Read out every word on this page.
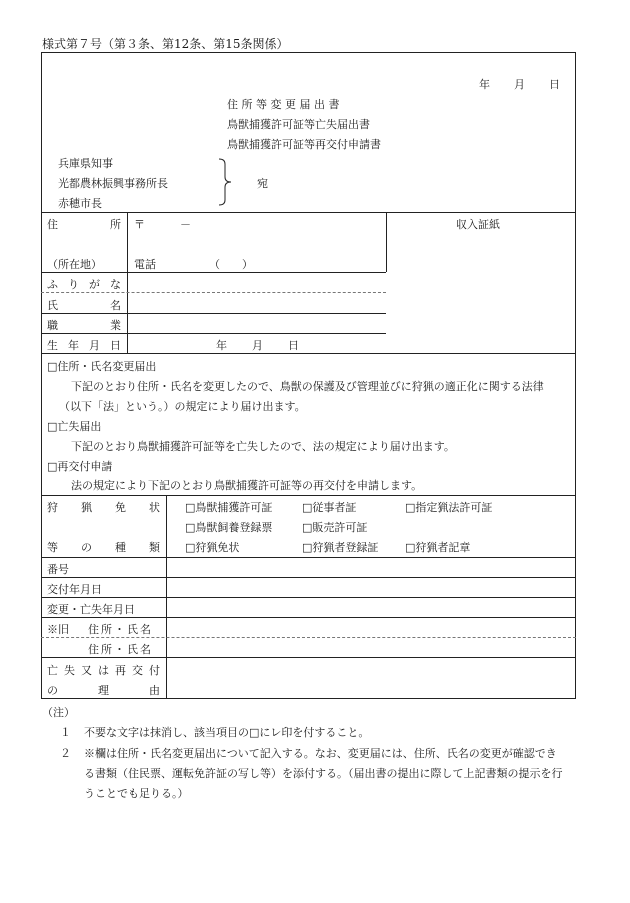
様式第７号（第３条、第12条、第15条関係）
年 月 日
住 所 等 変 更 届 出 書
鳥獣捕獲許可証等亡失届出書
鳥獣捕獲許可証等再交付申請書
兵庫県知事
光都農林振興事務所長
赤穂市長
宛
住	所
（所在地）
〒	－
電話	（　　）
収入証紙
ふ り が な
氏	名
職	業
生 年 月 日	年 月 日
□住所・氏名変更届出
下記のとおり住所・氏名を変更したので、鳥獣の保護及び管理並びに狩猟の適正化に関する法律
（以下「法」という。）の規定により届け出ます。
□亡失届出
下記のとおり鳥獣捕獲許可証等を亡失したので、法の規定により届け出ます。
□再交付申請
法の規定により下記のとおり鳥獣捕獲許可証等の再交付を申請します。
狩 猟 免 状
等 の 種 類
□鳥獣捕獲許可証	□従事者証	□指定猟法許可証
□鳥獣飼養登録票	□販売許可証
□狩猟免状	□狩猟者登録証 □狩猟者記章
番号
交付年月日
変更・亡失年月日
※旧 住所・氏名
住所・氏名
亡 失 又 は 再 交 付
の	理	由
（注）
１ 不要な文字は抹消し、該当項目の□にレ印を付すること。
２ ※欄は住所・氏名変更届出について記入する。なお、変更届には、住所、氏名の変更が確認でき
る書類（住民票、運転免許証の写し等）を添付する。（届出書の提出に際して上記書類の提示を行
うことでも足りる。）
